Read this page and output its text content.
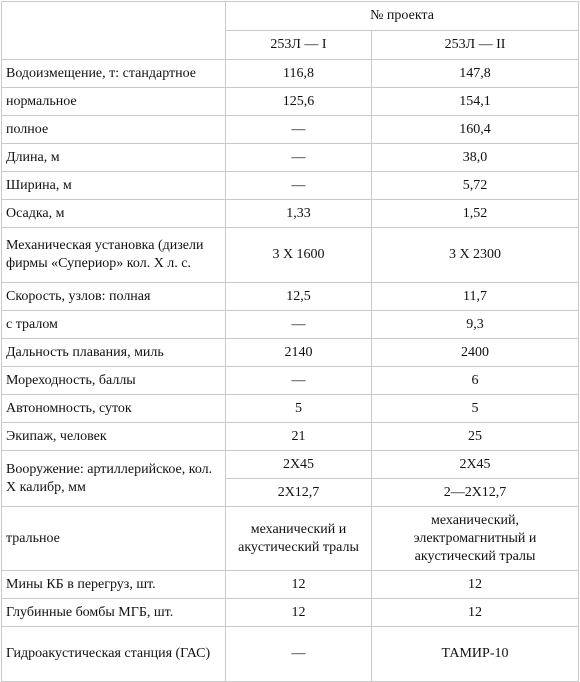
	№ проекта	
	253Л — I	253Л — II
Водоизмещение, т: стандартное	116,8	147,8
нормальное	125,6	154,1
полное	—	160,4
Длина, м	—	38,0
Ширина, м	—	5,72
Осадка, м	1,33	1,52
Механическая установка (дизели фирмы «Супериор» кол. X л. с.	3 X 1600	3 X 2300
Скорость, узлов: полная	12,5	11,7
с тралом	—	9,3
Дальность плавания, миль	2140	2400
Мореходность, баллы	—	6
Автономность, суток	5	5
Экипаж, человек	21	25
Вооружение: артиллерийское, кол. X калибр, мм	2X45	2X45
	2X12,7	2—2X12,7
тральное	механический и акустический тралы	механический, электромагнитный и акустический тралы
Мины КБ в перегруз, шт.	12	12
Глубинные бомбы МГБ, шт.	12	12
Гидроакустическая станция (ГАС)	—	ТАМИР-10
